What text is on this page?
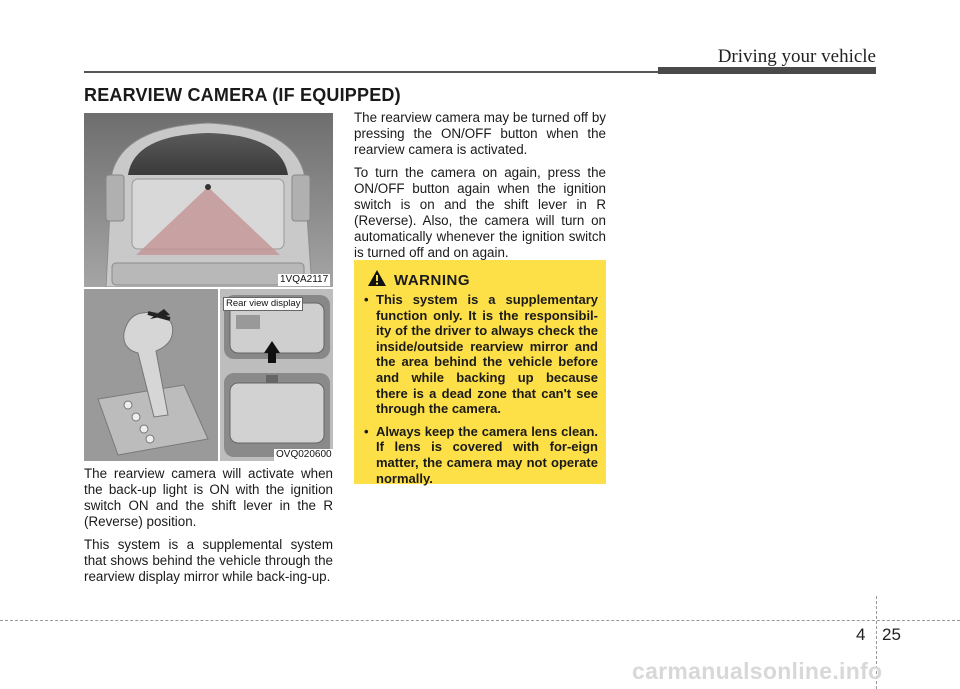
Driving your vehicle
REARVIEW CAMERA (IF EQUIPPED)
1VQA2117
Rear view display
OVQ020600

The rearview camera will activate when the back-up light is ON with the ignition switch ON and the shift lever in the R (Reverse) position.

This system is a supplemental system that shows behind the vehicle through the rearview display mirror while back-ing-up.

The rearview camera may be turned off by pressing the ON/OFF button when the rearview camera is activated.

To turn the camera on again, press the ON/OFF button again when the ignition switch is on and the shift lever in R (Reverse). Also, the camera will turn on automatically whenever the ignition switch is turned off and on again.

WARNING
• This system is a supplementary function only. It is the responsibil-ity of the driver to always check the inside/outside rearview mirror and the area behind the vehicle before and while backing up because there is a dead zone that can't see through the camera.
• Always keep the camera lens clean. If lens is covered with for-eign matter, the camera may not operate normally.
4 25
carmanualsonline.info
